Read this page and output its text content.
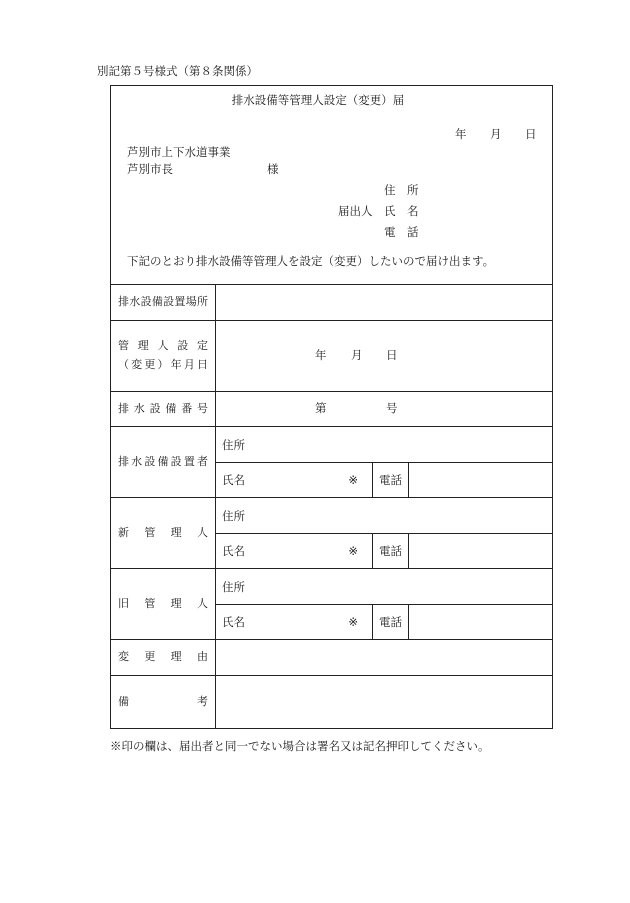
別記第５号様式（第８条関係）
排水設備等管理人設定（変更）届
年 月 日
芦別市上下水道事業
芦別市長	様
住　所
届出人 氏　名
電　話
下記のとおり排水設備等管理人を設定（変更）したいので届け出ます。
排水設備設置場所
管理人設定
（変更）年月日
年 月 日
排水設備番号	第	号
排水設備設置者
住所
氏名	※ 電話
新管理人
住所
氏名	※ 電話
旧管理人
住所
氏名	※ 電話
変更理由
備考
※印の欄は、届出者と同一でない場合は署名又は記名押印してください。
